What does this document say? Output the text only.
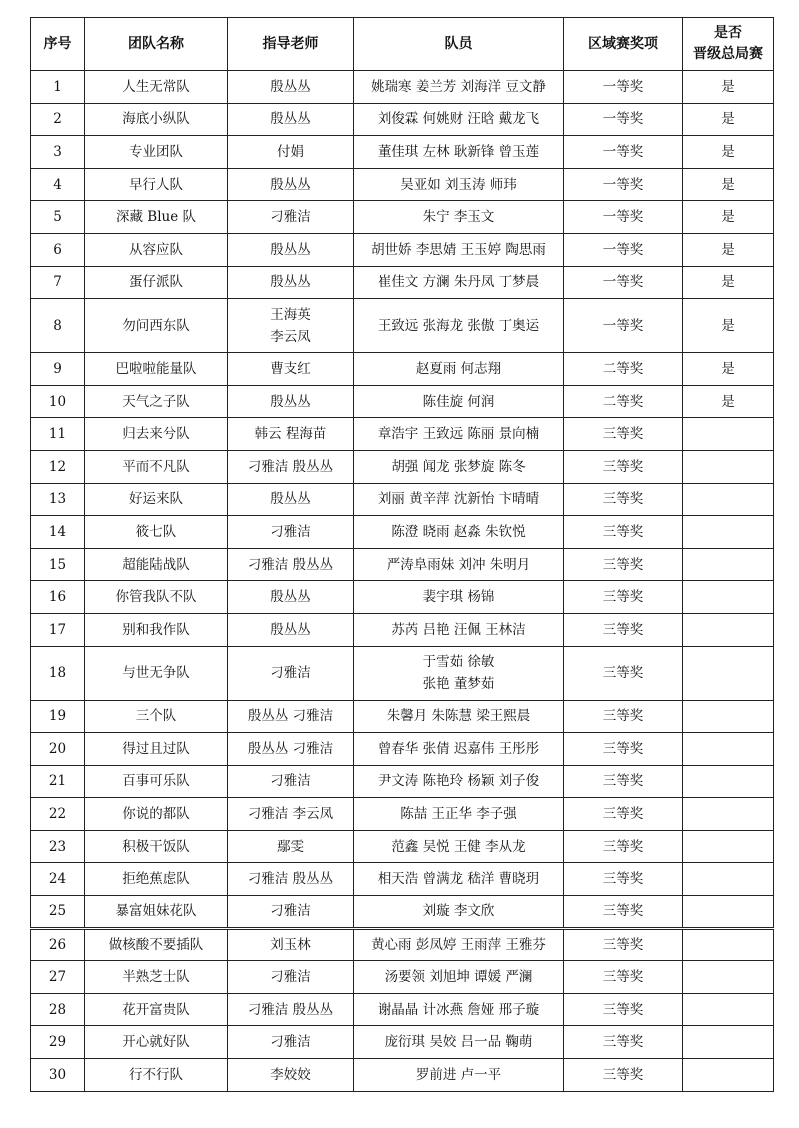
序号	团队名称	指导老师	队员	区域赛奖项	是否
晋级总局赛

1	人生无常队	殷丛丛	姚瑞寒 姜兰芳 刘海洋 豆文静	一等奖	是
2	海底小纵队	殷丛丛	刘俊霖 何姚财 汪晗 戴龙飞	一等奖	是
3	专业团队	付娟	董佳琪 左林 耿新锋 曾玉莲	一等奖	是
4	早行人队	殷丛丛	吴亚如 刘玉涛 师玮	一等奖	是
5	深藏 Blue 队	刁雅洁	朱宁 李玉文	一等奖	是
6	从容应队	殷丛丛	胡世娇 李思婧 王玉婷 陶思雨	一等奖	是
7	蛋仔派队	殷丛丛	崔佳文 方澜 朱丹凤 丁梦晨	一等奖	是
8	勿问西东队	王海英
李云凤	王致远 张海龙 张傲 丁奥运	一等奖	是
9	巴啦啦能量队	曹支红	赵夏雨 何志翔	二等奖	是
10	天气之子队	殷丛丛	陈佳旋 何润	二等奖	是
11	归去来兮队	韩云 程海苗	章浩宇 王致远 陈丽 景向楠	三等奖	
12	平而不凡队	刁雅洁 殷丛丛	胡强 闻龙 张梦旋 陈冬	三等奖	
13	好运来队	殷丛丛	刘丽 黄辛萍 沈新怡 卞晴晴	三等奖	
14	筱七队	刁雅洁	陈澄 晓雨 赵淼 朱钦悦	三等奖	
15	超能陆战队	刁雅洁 殷丛丛	严涛阜雨妹 刘冲 朱明月	三等奖	
16	你管我队不队	殷丛丛	裴宇琪 杨锦	三等奖	
17	别和我作队	殷丛丛	苏芮 吕艳 汪佩 王林洁	三等奖	
18	与世无争队	刁雅洁	于雪茹 徐敏
张艳 董梦茹	三等奖	
19	三个队	殷丛丛 刁雅洁	朱馨月 朱陈慧 梁王熙晨	三等奖	
20	得过且过队	殷丛丛 刁雅洁	曾春华 张倩 迟嘉伟 王彤彤	三等奖	
21	百事可乐队	刁雅洁	尹文涛 陈艳玲 杨颖 刘子俊	三等奖	
22	你说的都队	刁雅洁 李云凤	陈喆 王正华 李子强	三等奖	
23	积极干饭队	鄢雯	范鑫 吴悦 王健 李从龙	三等奖	
24	拒绝蕉虑队	刁雅洁 殷丛丛	相天浩 曾满龙 嵇洋 曹晓玥	三等奖	
25	暴富姐妹花队	刁雅洁	刘璇 李文欣	三等奖	
26	做核酸不要插队	刘玉林	黄心雨 彭凤婷 王雨萍 王雅芬	三等奖	
27	半熟芝士队	刁雅洁	汤要领 刘旭坤 谭媛 严澜	三等奖	
28	花开富贵队	刁雅洁 殷丛丛	谢晶晶 计冰燕 詹娅 邢子璇	三等奖	
29	开心就好队	刁雅洁	庞衍琪 吴姣 吕一品 鞠萌	三等奖	
30	行不行队	李姣姣	罗前进 卢一平	三等奖	
